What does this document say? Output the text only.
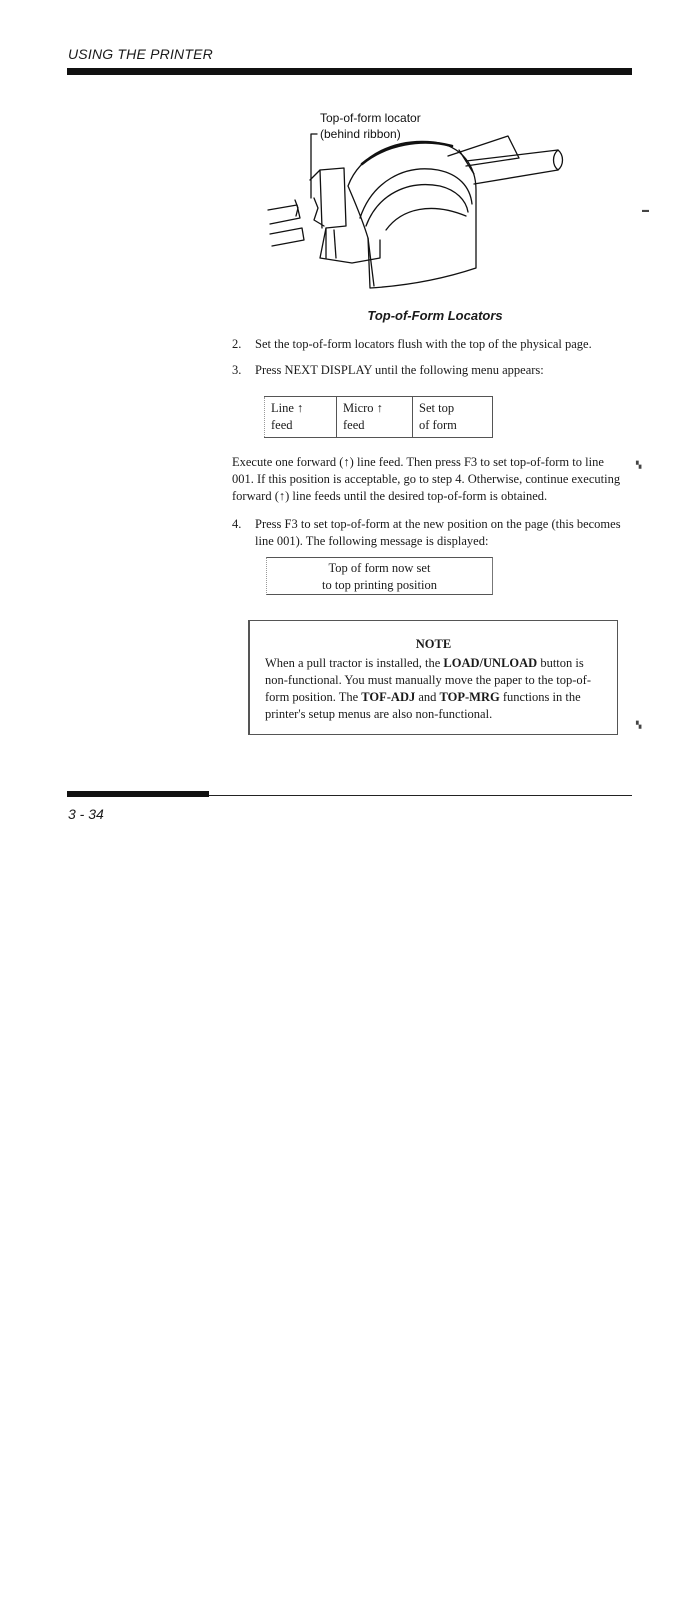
USING THE PRINTER
Top-of-form locator
(behind ribbon)
Top-of-Form Locators
2. Set the top-of-form locators flush with the top of the physical page.
3. Press NEXT DISPLAY until the following menu appears:
Line ↑
feed
Micro ↑
feed
Set top
of form
Execute one forward (↑) line feed. Then press F3 to set top-of-form to line 001. If this position is acceptable, go to step 4. Otherwise, continue executing forward (↑) line feeds until the desired top-of-form is obtained.
▚
4. Press F3 to set top-of-form at the new position on the page (this becomes line 001). The following message is displayed:
Top of form now set
to top printing position
NOTE
When a pull tractor is installed, the LOAD/UNLOAD button is non-functional. You must manually move the paper to the top-of-form position. The TOF-ADJ and TOP-MRG functions in the printer's setup menus are also non-functional.
▚
▬
3 - 34
